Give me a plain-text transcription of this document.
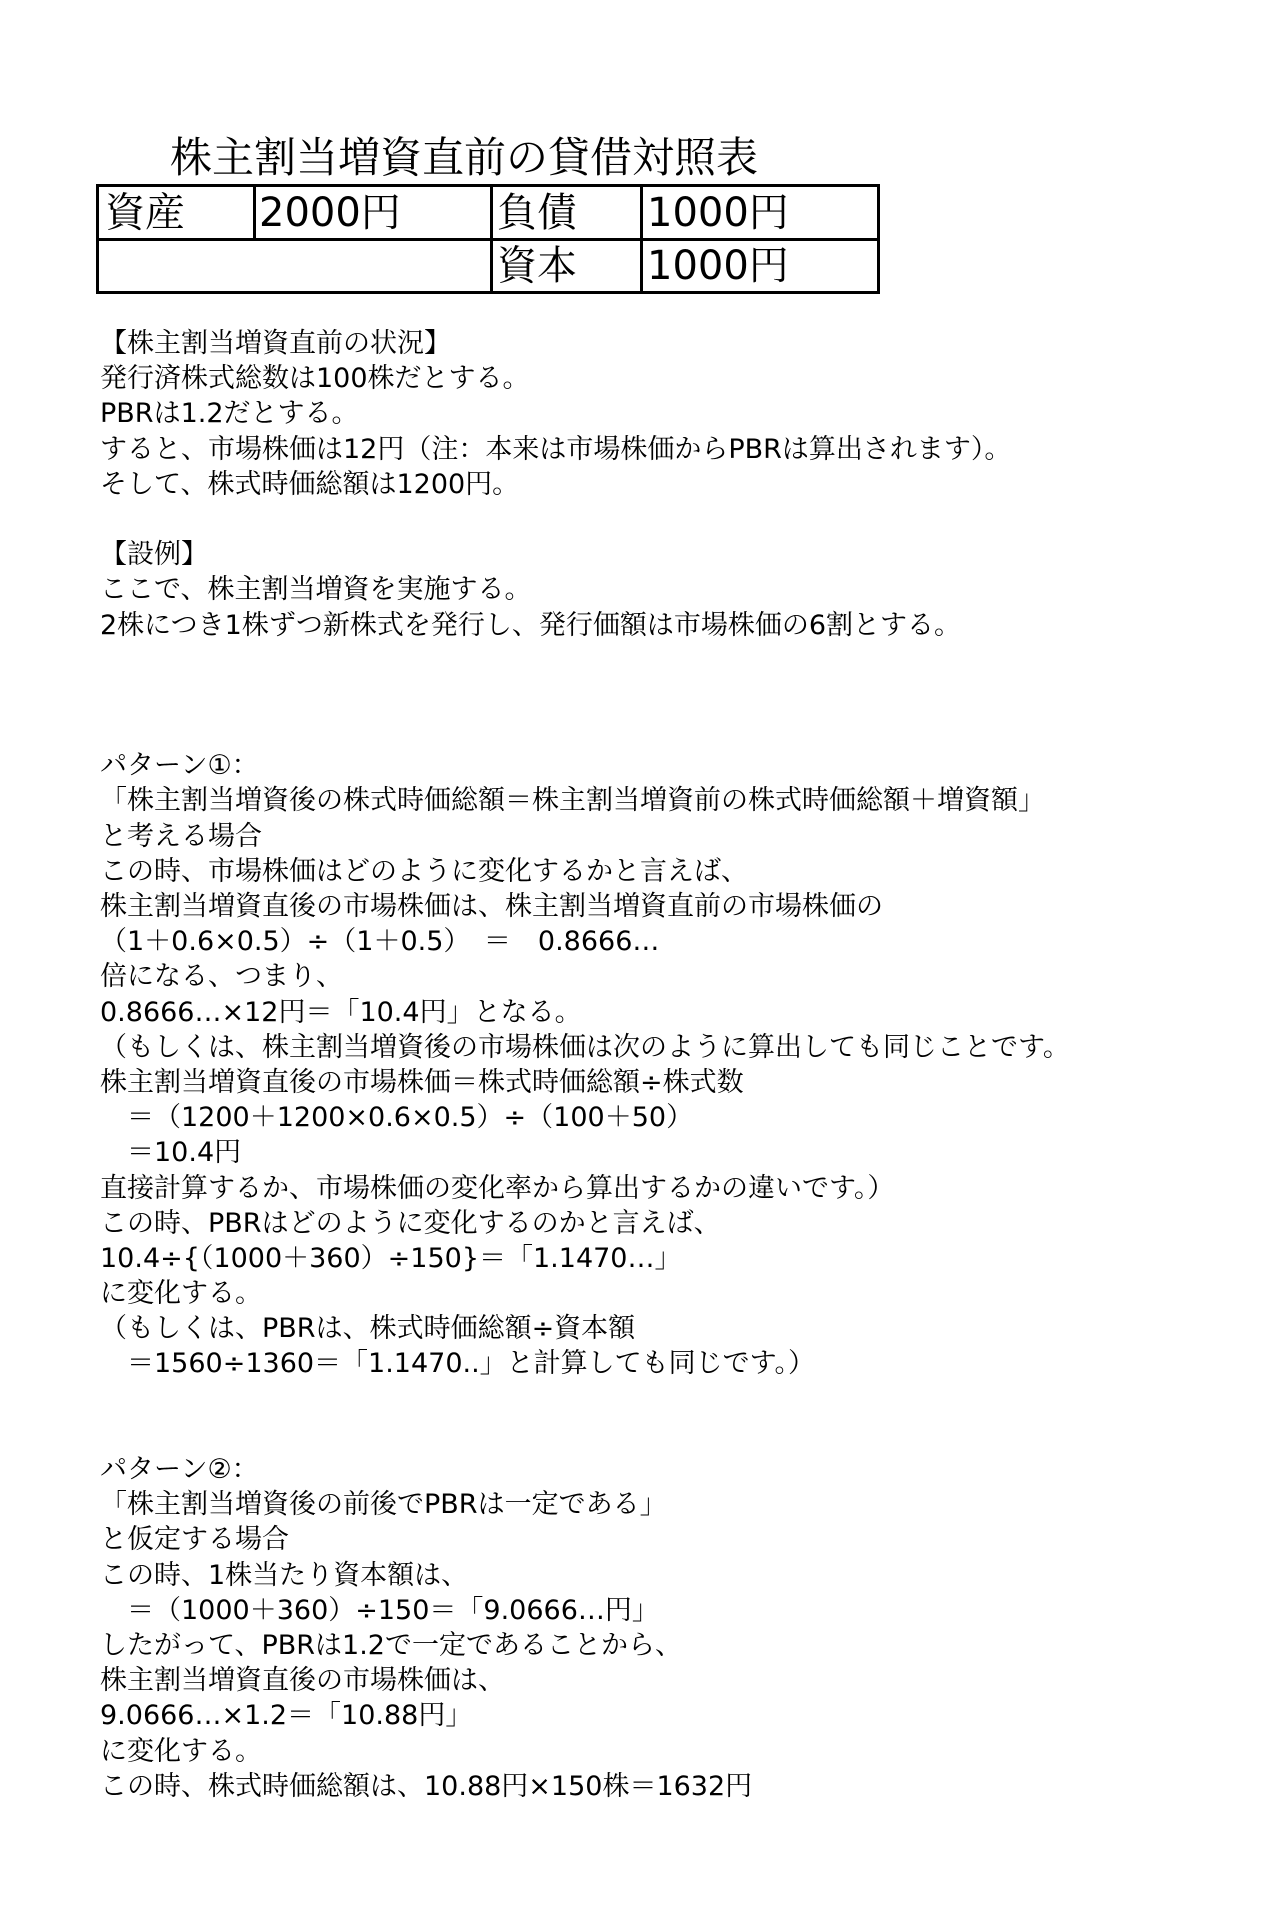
株主割当増資直前の貸借対照表
資産 2000円 負債 1000円
資本 1000円
【株主割当増資直前の状況】
発行済株式総数は100株だとする。
PBRは1.2だとする。
すると、市場株価は12円（注：本来は市場株価からPBRは算出されます）。
そして、株式時価総額は1200円。
【設例】
ここで、株主割当増資を実施する。
2株につき1株ずつ新株式を発行し、発行価額は市場株価の6割とする。
パターン①：
「株主割当増資後の株式時価総額＝株主割当増資前の株式時価総額＋増資額」
と考える場合
この時、市場株価はどのように変化するかと言えば、
株主割当増資直後の市場株価は、株主割当増資直前の市場株価の
（1＋0.6×0.5）÷（1＋0.5）　＝　0.8666…
倍になる、つまり、
0.8666…×12円＝「10.4円」となる。
（もしくは、株主割当増資後の市場株価は次のように算出しても同じことです。
株主割当増資直後の市場株価＝株式時価総額÷株式数
　＝（1200＋1200×0.6×0.5）÷（100＋50）
　＝10.4円
直接計算するか、市場株価の変化率から算出するかの違いです。）
この時、PBRはどのように変化するのかと言えば、
10.4÷{（1000＋360）÷150}＝「1.1470…」
に変化する。
（もしくは、PBRは、株式時価総額÷資本額
　＝1560÷1360＝「1.1470..」と計算しても同じです。）
パターン②：
「株主割当増資後の前後でPBRは一定である」
と仮定する場合
この時、1株当たり資本額は、
　＝（1000＋360）÷150＝「9.0666…円」
したがって、PBRは1.2で一定であることから、
株主割当増資直後の市場株価は、
9.0666…×1.2＝「10.88円」
に変化する。
この時、株式時価総額は、10.88円×150株＝1632円
